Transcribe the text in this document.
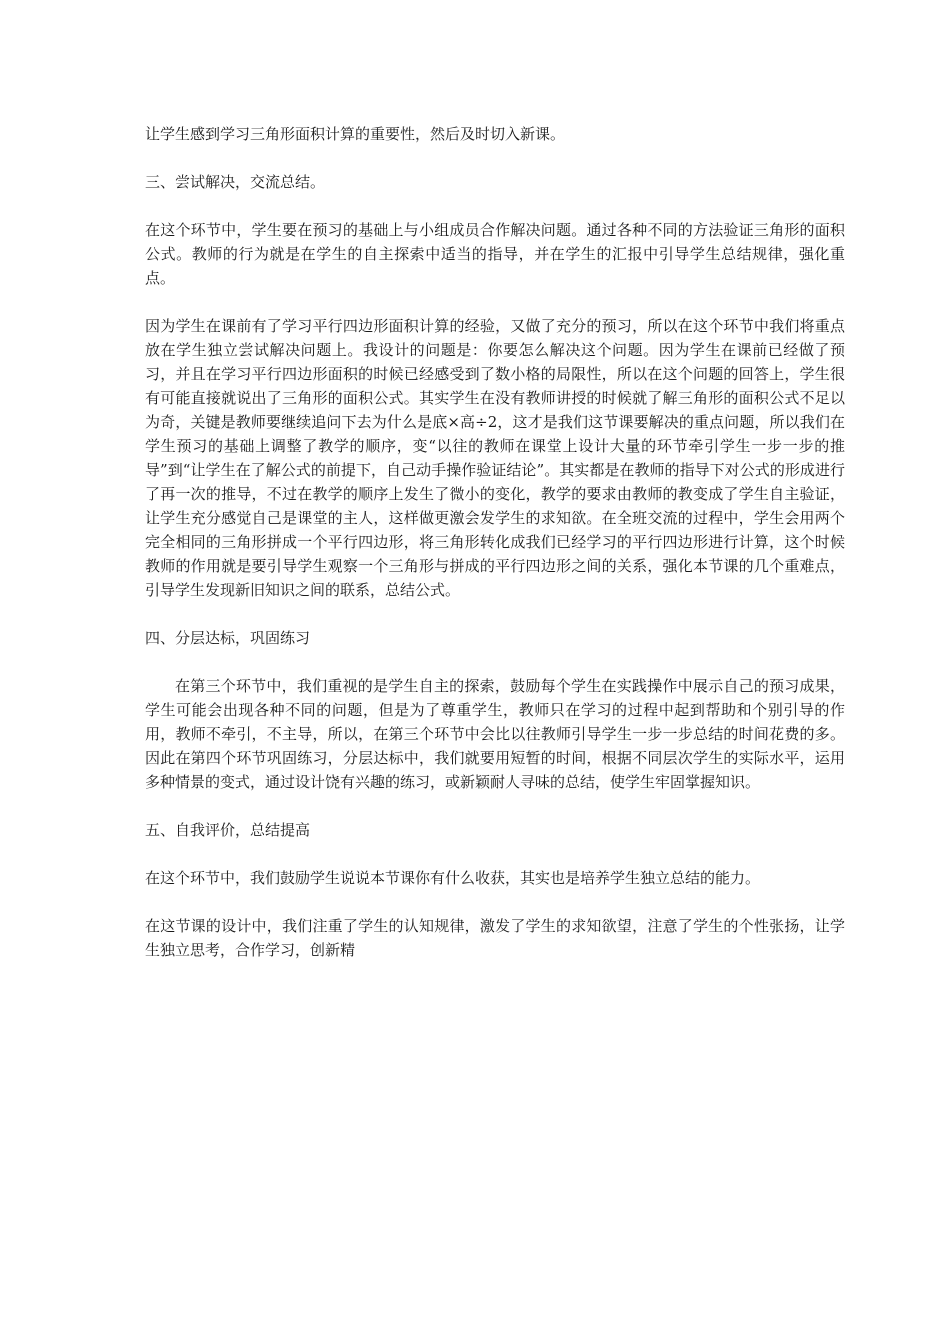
让学生感到学习三角形面积计算的重要性，然后及时切入新课。

三、尝试解决，交流总结。

在这个环节中，学生要在预习的基础上与小组成员合作解决问题。通过各种不同的方法验证三角形的面积公式。教师的行为就是在学生的自主探索中适当的指导，并在学生的汇报中引导学生总结规律，强化重点。

因为学生在课前有了学习平行四边形面积计算的经验，又做了充分的预习，所以在这个环节中我们将重点放在学生独立尝试解决问题上。我设计的问题是：你要怎么解决这个问题。因为学生在课前已经做了预习，并且在学习平行四边形面积的时候已经感受到了数小格的局限性，所以在这个问题的回答上，学生很有可能直接就说出了三角形的面积公式。其实学生在没有教师讲授的时候就了解三角形的面积公式不足以为奇，关键是教师要继续追问下去为什么是底×高÷2，这才是我们这节课要解决的重点问题，所以我们在学生预习的基础上调整了教学的顺序，变“以往的教师在课堂上设计大量的环节牵引学生一步一步的推导”到“让学生在了解公式的前提下，自己动手操作验证结论”。其实都是在教师的指导下对公式的形成进行了再一次的推导，不过在教学的顺序上发生了微小的变化，教学的要求由教师的教变成了学生自主验证，让学生充分感觉自己是课堂的主人，这样做更激会发学生的求知欲。在全班交流的过程中，学生会用两个完全相同的三角形拼成一个平行四边形，将三角形转化成我们已经学习的平行四边形进行计算，这个时候教师的作用就是要引导学生观察一个三角形与拼成的平行四边形之间的关系，强化本节课的几个重难点，引导学生发现新旧知识之间的联系，总结公式。

四、分层达标，巩固练习

在第三个环节中，我们重视的是学生自主的探索，鼓励每个学生在实践操作中展示自己的预习成果，学生可能会出现各种不同的问题，但是为了尊重学生，教师只在学习的过程中起到帮助和个别引导的作用，教师不牵引，不主导，所以，在第三个环节中会比以往教师引导学生一步一步总结的时间花费的多。因此在第四个环节巩固练习，分层达标中，我们就要用短暂的时间，根据不同层次学生的实际水平，运用多种情景的变式，通过设计饶有兴趣的练习，或新颖耐人寻味的总结，使学生牢固掌握知识。

五、自我评价，总结提高

在这个环节中，我们鼓励学生说说本节课你有什么收获，其实也是培养学生独立总结的能力。

在这节课的设计中，我们注重了学生的认知规律，激发了学生的求知欲望，注意了学生的个性张扬，让学生独立思考，合作学习，创新精
